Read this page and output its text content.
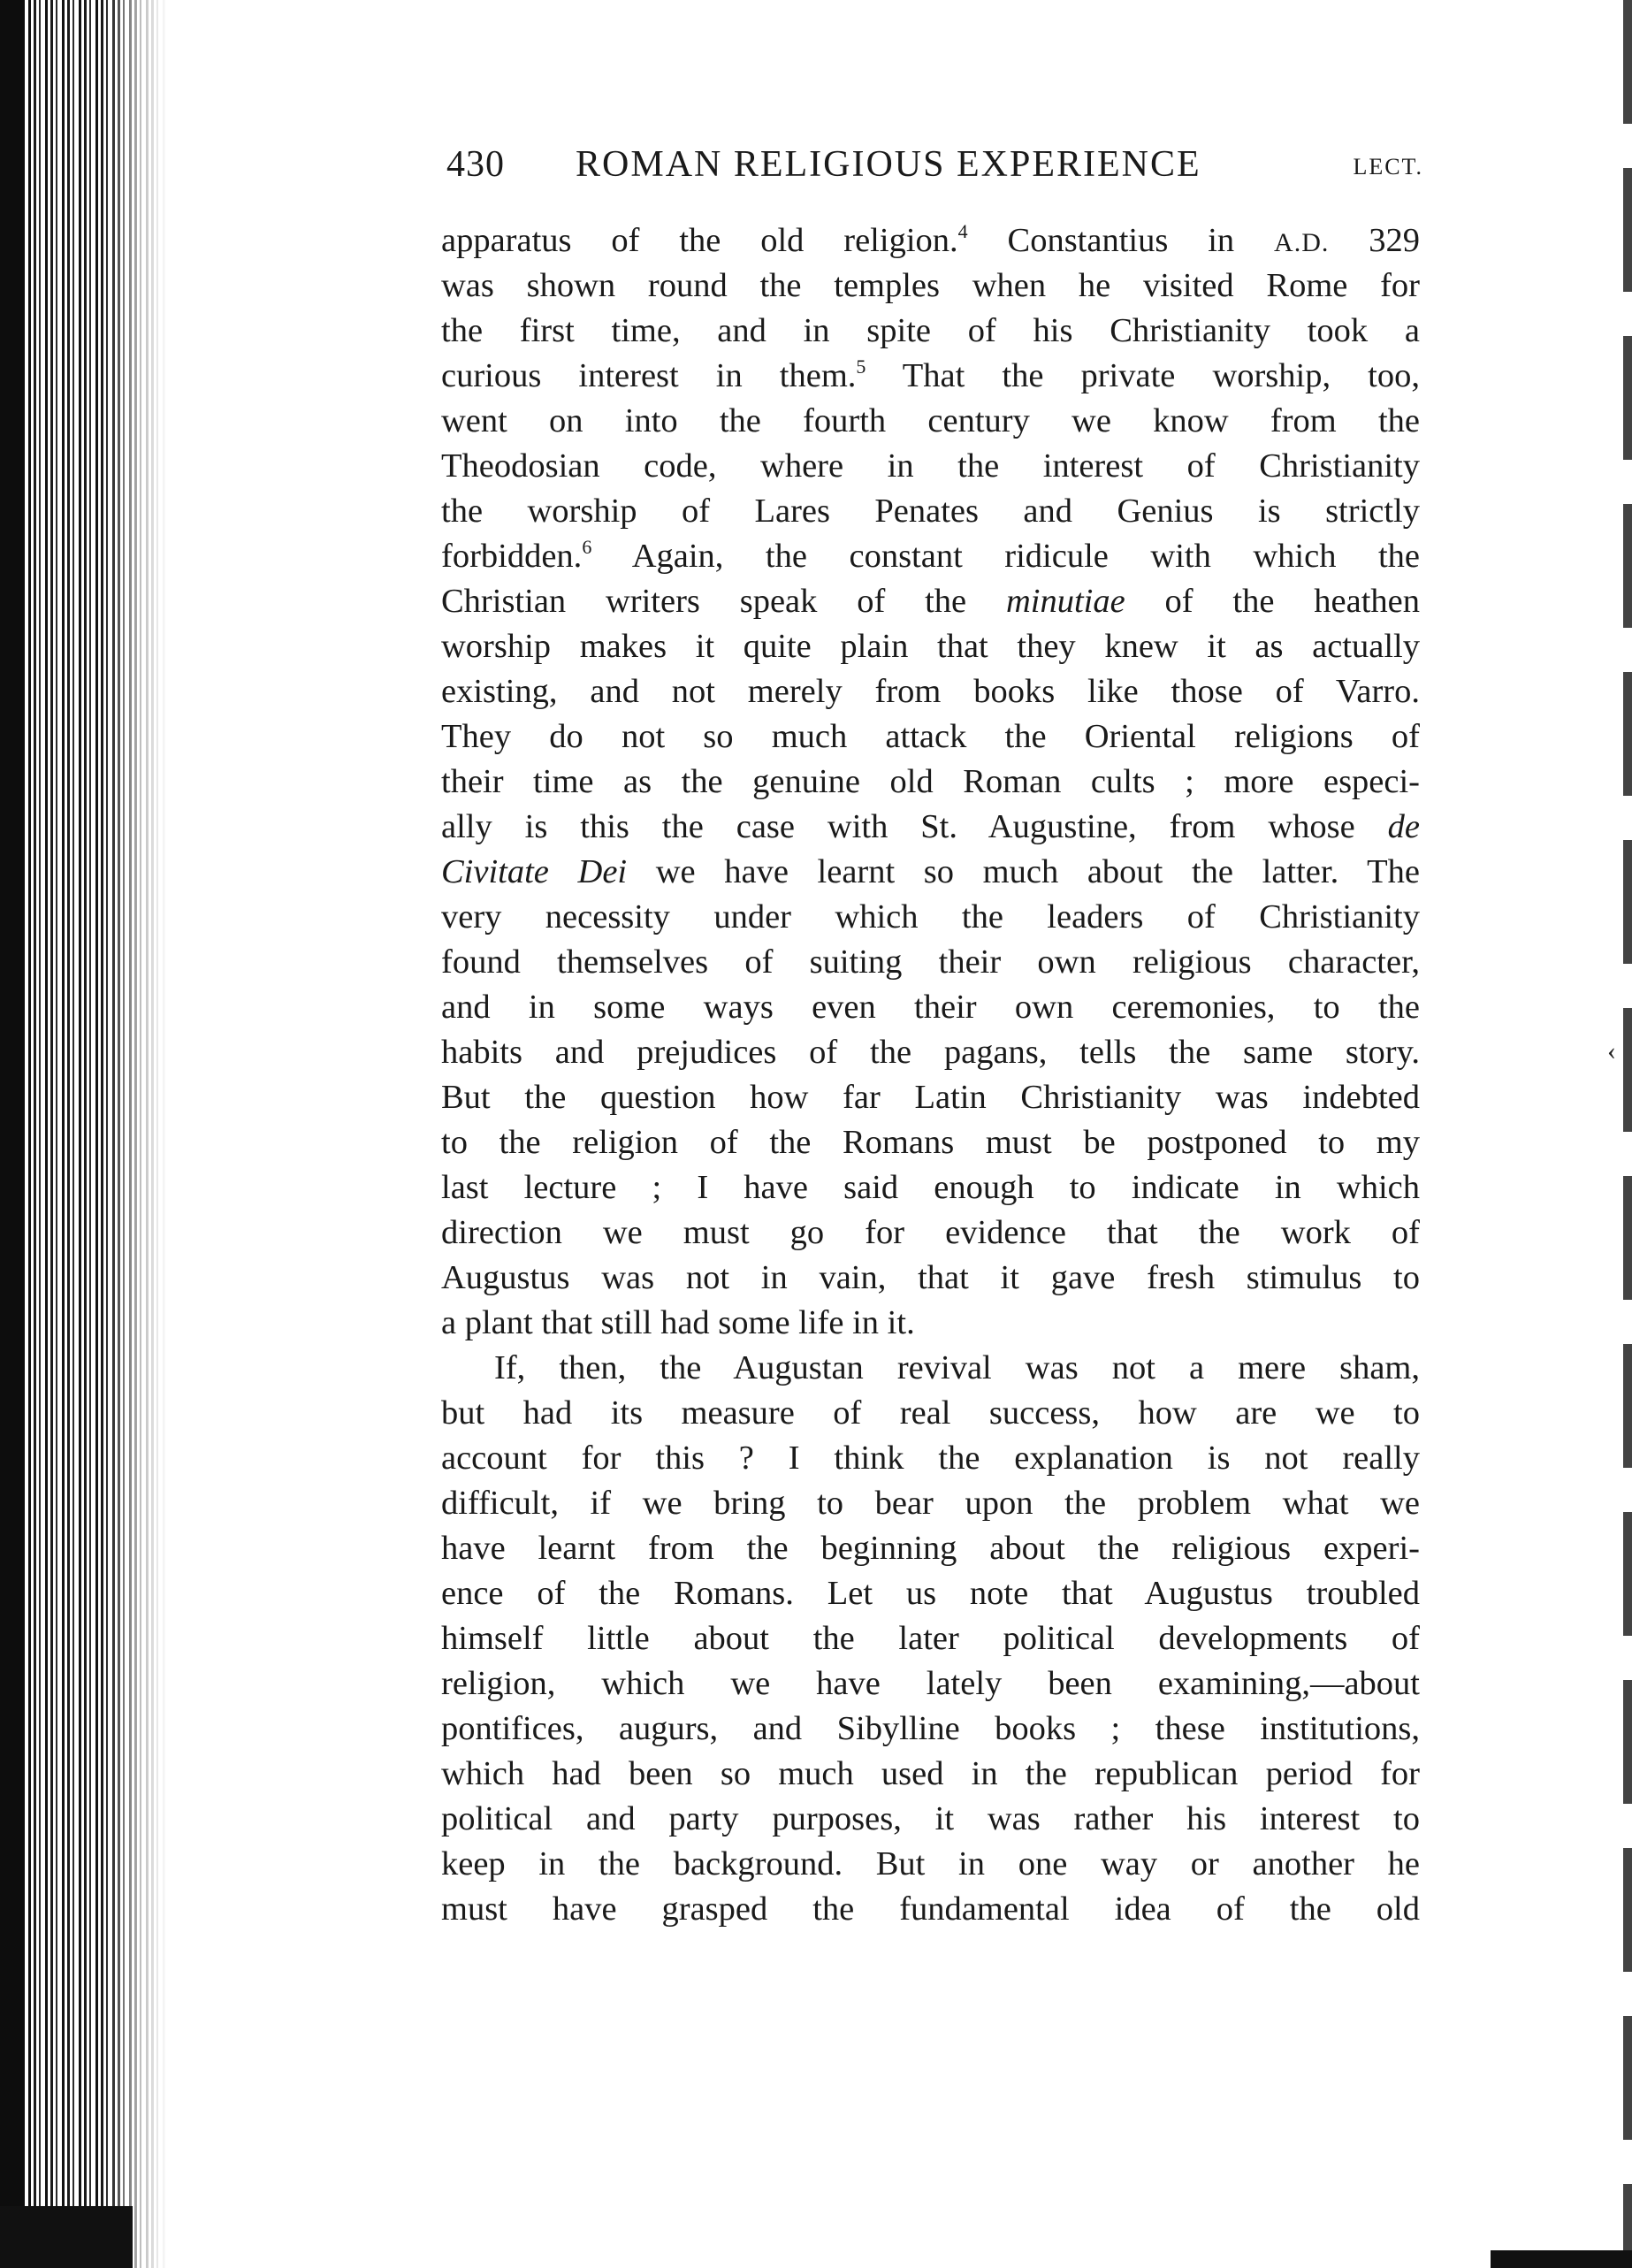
‹
430 ROMAN RELIGIOUS EXPERIENCE	LECT.
apparatus of the old religion.$^4$ Constantius in A.D. 329
was shown round the temples when he visited Rome for
the first time, and in spite of his Christianity took a
curious interest in them.$^5$ That the private worship, too,
went on into the fourth century we know from the
Theodosian code, where in the interest of Christianity
the worship of Lares Penates and Genius is strictly
forbidden.$^6$ Again, the constant ridicule with which the
Christian writers speak of the minutiae of the heathen
worship makes it quite plain that they knew it as actually
existing, and not merely from books like those of Varro.
They do not so much attack the Oriental religions of
their time as the genuine old Roman cults ; more especi-
ally is this the case with St. Augustine, from whose de
Civitate Dei we have learnt so much about the latter. The
very necessity under which the leaders of Christianity
found themselves of suiting their own religious character,
and in some ways even their own ceremonies, to the
habits and prejudices of the pagans, tells the same story.
But the question how far Latin Christianity was indebted
to the religion of the Romans must be postponed to my
last lecture ; I have said enough to indicate in which
direction we must go for evidence that the work of
Augustus was not in vain, that it gave fresh stimulus to
a plant that still had some life in it.
If, then, the Augustan revival was not a mere sham,
but had its measure of real success, how are we to
account for this ? I think the explanation is not really
difficult, if we bring to bear upon the problem what we
have learnt from the beginning about the religious experi-
ence of the Romans. Let us note that Augustus troubled
himself little about the later political developments of
religion, which we have lately been examining,—about
pontifices, augurs, and Sibylline books ; these institutions,
which had been so much used in the republican period for
political and party purposes, it was rather his interest to
keep in the background. But in one way or another he
must have grasped the fundamental idea of the old
